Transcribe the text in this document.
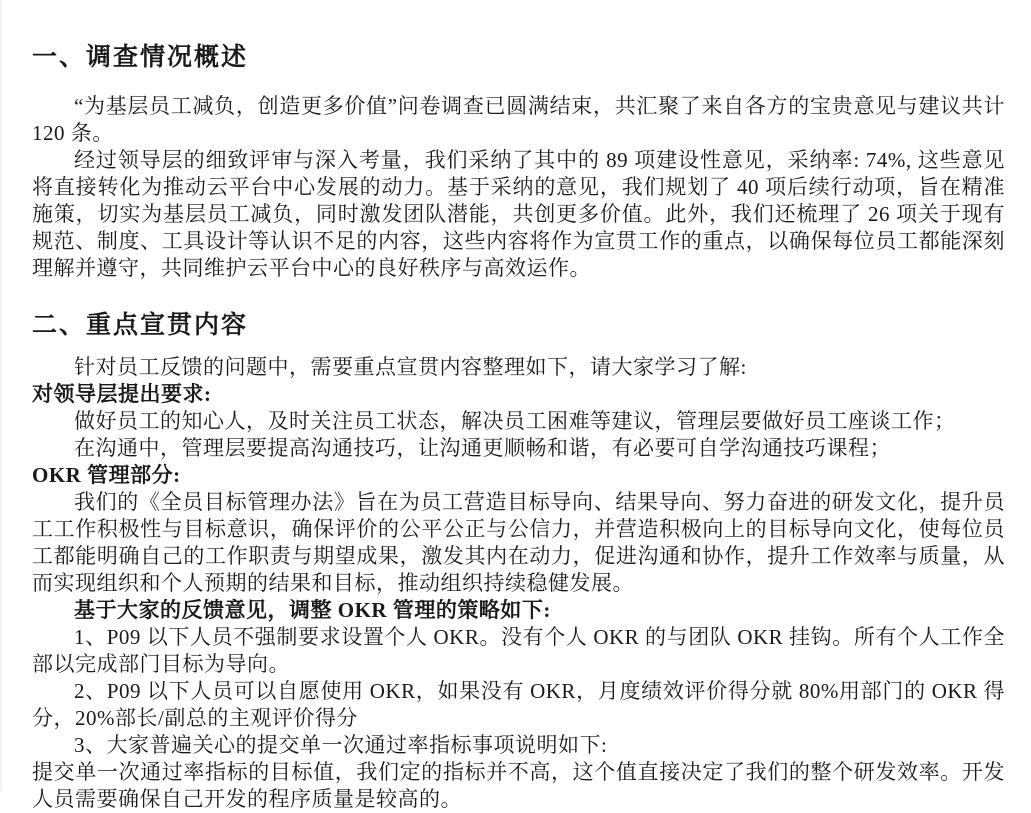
一、调查情况概述

“为基层员工减负，创造更多价值”问卷调查已圆满结束，共汇聚了来自各方的宝贵意见与建议共计 120 条。

经过领导层的细致评审与深入考量，我们采纳了其中的 89 项建设性意见，采纳率: 74%, 这些意见将直接转化为推动云平台中心发展的动力。基于采纳的意见，我们规划了 40 项后续行动项，旨在精准施策，切实为基层员工减负，同时激发团队潜能，共创更多价值。此外，我们还梳理了 26 项关于现有规范、制度、工具设计等认识不足的内容，这些内容将作为宣贯工作的重点，以确保每位员工都能深刻理解并遵守，共同维护云平台中心的良好秩序与高效运作。

二、重点宣贯内容

针对员工反馈的问题中，需要重点宣贯内容整理如下，请大家学习了解:

对领导层提出要求:

做好员工的知心人，及时关注员工状态，解决员工困难等建议，管理层要做好员工座谈工作；

在沟通中，管理层要提高沟通技巧，让沟通更顺畅和谐，有必要可自学沟通技巧课程；

OKR 管理部分:

我们的《全员目标管理办法》旨在为员工营造目标导向、结果导向、努力奋进的研发文化，提升员工工作积极性与目标意识，确保评价的公平公正与公信力，并营造积极向上的目标导向文化，使每位员工都能明确自己的工作职责与期望成果，激发其内在动力，促进沟通和协作，提升工作效率与质量，从而实现组织和个人预期的结果和目标，推动组织持续稳健发展。

基于大家的反馈意见，调整 OKR 管理的策略如下:

1、P09 以下人员不强制要求设置个人 OKR。没有个人 OKR 的与团队 OKR 挂钩。所有个人工作全部以完成部门目标为导向。

2、P09 以下人员可以自愿使用 OKR，如果没有 OKR，月度绩效评价得分就 80%用部门的 OKR 得分，20%部长/副总的主观评价得分

3、大家普遍关心的提交单一次通过率指标事项说明如下:

提交单一次通过率指标的目标值，我们定的指标并不高，这个值直接决定了我们的整个研发效率。开发人员需要确保自己开发的程序质量是较高的。
